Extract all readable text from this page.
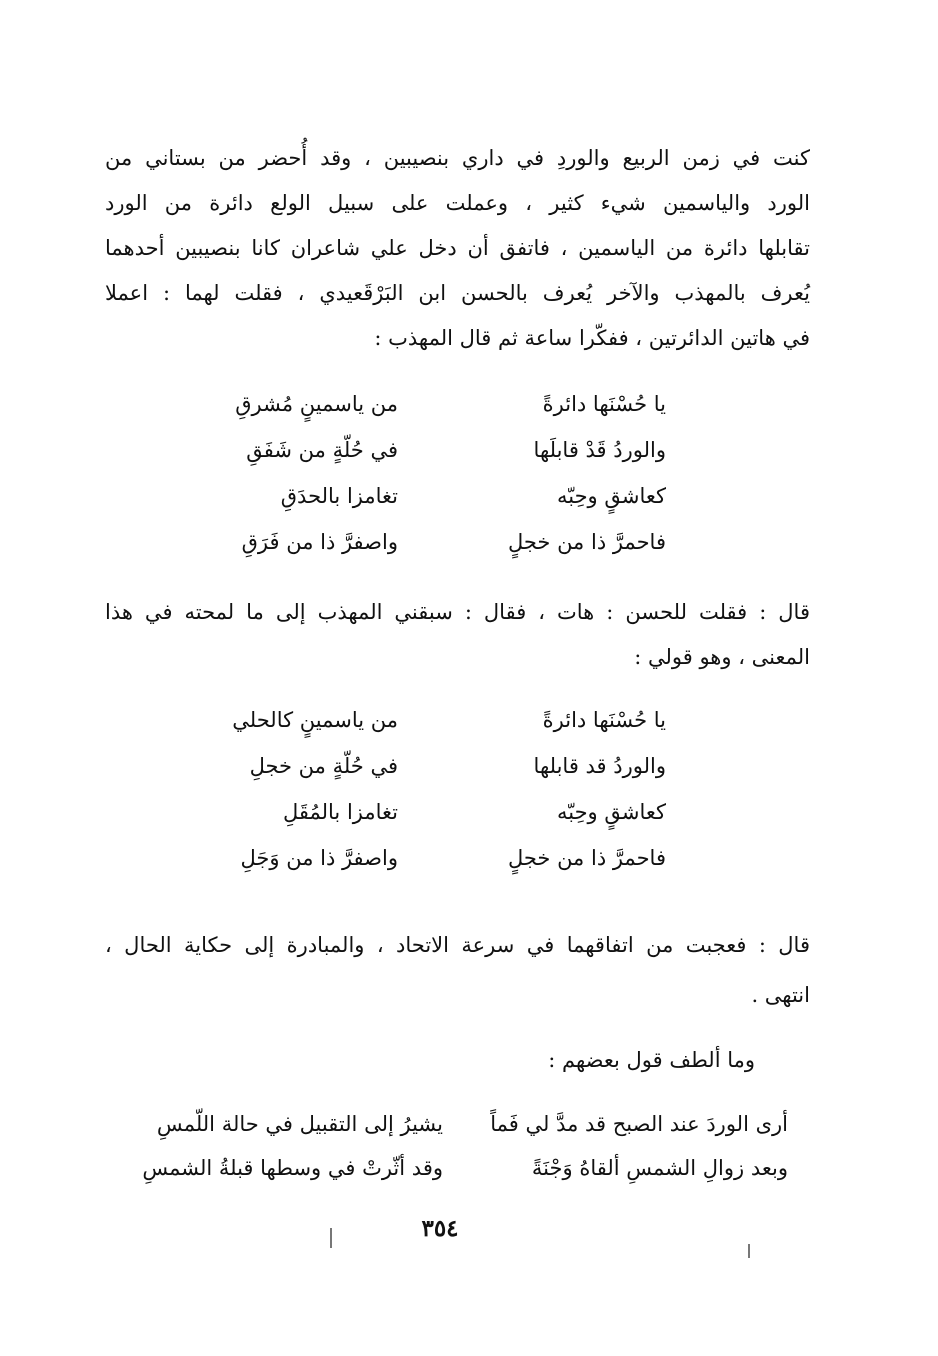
كنت في زمن الربيع والوردِ في داري بنصيبين ، وقد أُحضر من بستاني من
الورد والياسمين شيء كثير ، وعملت على سبيل الولع دائرة من الورد
تقابلها دائرة من الياسمين ، فاتفق أن دخل علي شاعران كانا بنصيبين أحدهما
يُعرف بالمهذب والآخر يُعرف بالحسن ابن البَرْقَعيدي ، فقلت لهما : اعملا
في هاتين الدائرتين ، ففكّرا ساعة ثم قال المهذب :
يا حُسْنَها دائرةً
من ياسمينٍ مُشرقِ
والوردُ قَدْ قابلَها
في حُلّةٍ من شَفَقِ
كعاشقٍ وحِبّه
تغامزا بالحدَقِ
فاحمرَّ ذا من خجلٍ
واصفرَّ ذا من فَرَقِ
قال : فقلت للحسن : هات ، فقال : سبقني المهذب إلى ما لمحته في هذا
المعنى ، وهو قولي :
يا حُسْنَها دائرةً
من ياسمينٍ كالحلي
والوردُ قد قابلها
في حُلّةٍ من خجلِ
كعاشقٍ وحِبّه
تغامزا بالمُقَلِ
فاحمرَّ ذا من خجلٍ
واصفرَّ ذا من وَجَلِ
قال : فعجبت من اتفاقهما في سرعة الاتحاد ، والمبادرة إلى حكاية الحال ،
انتهى .
وما ألطف قول بعضهم :
أرى الوردَ عند الصبح قد مدَّ لي فَماً
يشيرُ إلى التقبيل في حالة اللّمسِ
وبعد زوالِ الشمسِ ألقاهُ وَجْنَةً
وقد أثّرتْ في وسطها قبلةُ الشمسِ
٣٥٤
